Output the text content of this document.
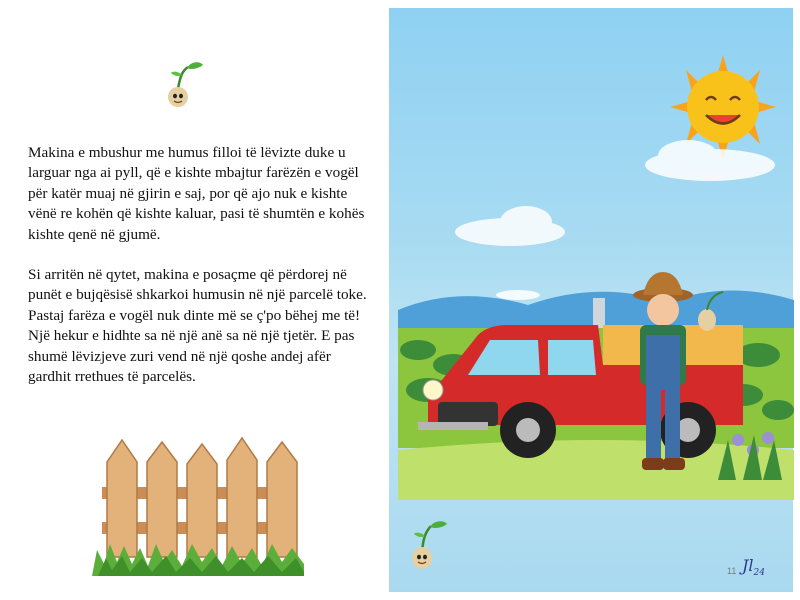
Makina e mbushur me humus filloi të lëvizte duke u larguar nga ai pyll, që e kishte mbajtur farëzën e vogël për katër muaj në gjirin e saj, por që ajo nuk e kishte vënë re kohën që kishte kaluar, pasi të shumtën e kohës kishte qenë në gjumë.

Si arritën në qytet, makina e posaçme që përdorej në punët e bujqësisë shkarkoi humusin në një parcelë toke. Pastaj farëza e vogël nuk dinte më se ç'po bëhej me të! Një hekur e hidhte sa në një anë sa në një tjetër. E pas shumë lëvizjeve zuri vend në një qoshe andej afër gardhit rrethues të parcelës.

11 $Jl_{24}$
